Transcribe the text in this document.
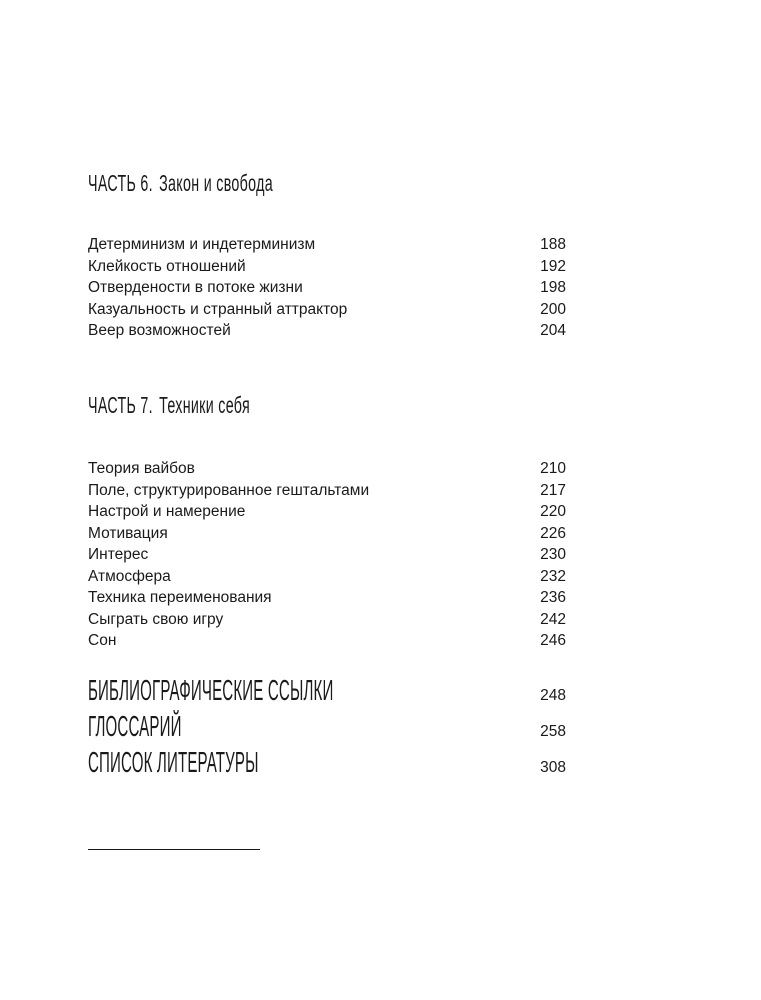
ЧАСТЬ 6. Закон и свобода
Детерминизм и индетерминизм	188
Клейкость отношений	192
Отвердености в потоке жизни	198
Казуальность и странный аттрактор	200
Веер возможностей	204
ЧАСТЬ 7. Техники себя
Теория вайбов	210
Поле, структурированное гештальтами	217
Настрой и намерение	220
Мотивация	226
Интерес	230
Атмосфера	232
Техника переименования	236
Сыграть свою игру	242
Сон	246
БИБЛИОГРАФИЧЕСКИЕ ССЫЛКИ	248
ГЛОССАРИЙ	258
СПИСОК ЛИТЕРАТУРЫ	308
